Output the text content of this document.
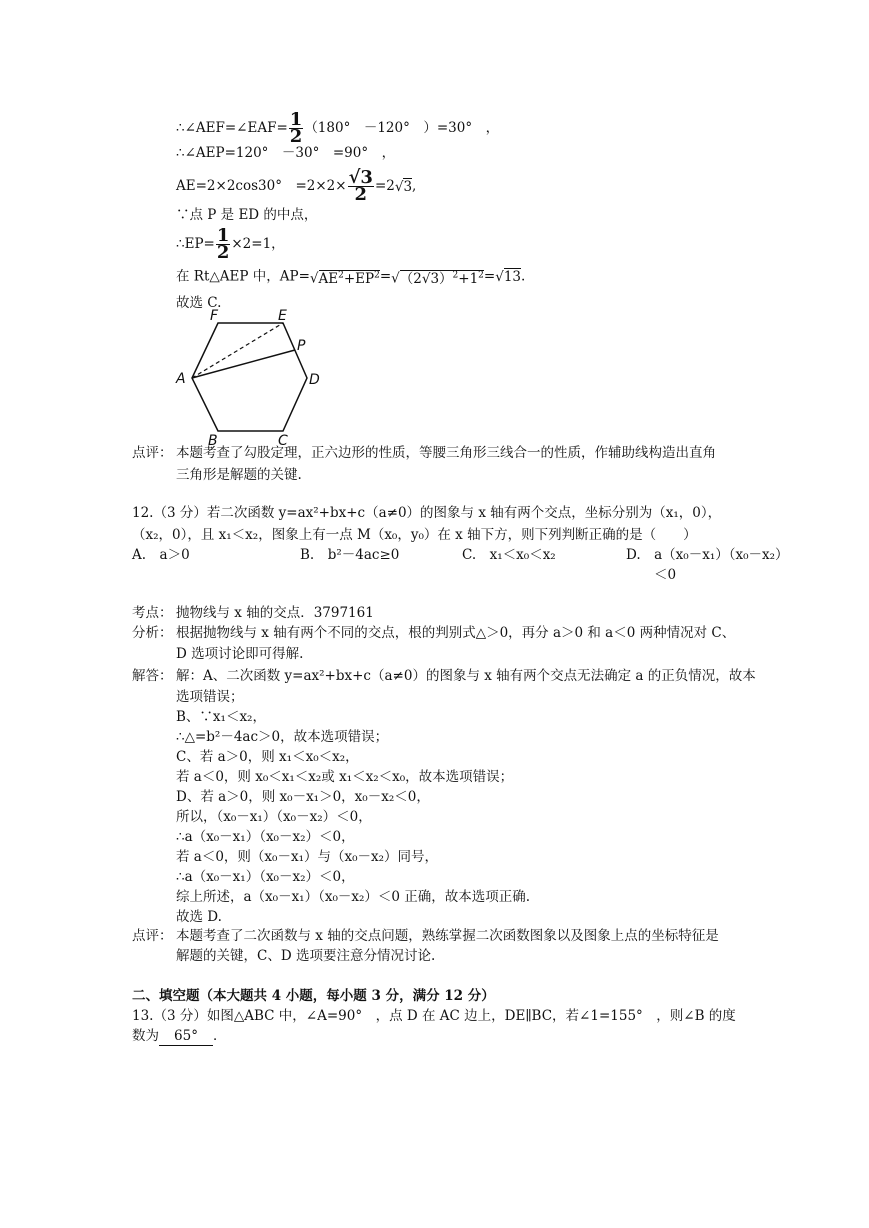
∴∠AEF=∠EAF= $\frac{1}{2} (180^\circ$　－120°　）=30°　，
∴∠AEP=120°　－30°　=90°　，
AE=2×2cos30°　$=2\times 2\times \frac{√3}{2} =2√3$,
∵点 P 是 ED 的中点，
∴EP= $\frac{1}{2} \times 2=1$，
在 Rt△AEP 中，$AP=√AE^2+EP^2=√(2√3)^2+1^2=√13$.
故选 C.
F	E
P
A	D
B	C
点评： 本题考查了勾股定理，正六边形的性质，等腰三角形三线合一的性质，作辅助线构造出直角
三角形是解题的关键.
12.（3 分）若二次函数 y=ax²+bx+c（a≠0）的图象与 x 轴有两个交点，坐标分别为（x₁，0），
（x₂，0），且 x₁＜x₂，图象上有一点 M（x₀，y₀）在 x 轴下方，则下列判断正确的是（　　）
A.　a＞0	B.　b²－4ac≥0	C.　x₁＜x₀＜x₂	D.　a（x₀－x₁）（x₀－x₂）
＜0
考点： 抛物线与 x 轴的交点．3797161
分析： 根据抛物线与 x 轴有两个不同的交点，根的判别式△＞0，再分 a＞0 和 a＜0 两种情况对 C、
D 选项讨论即可得解.
解答： 解：A、二次函数 y=ax²+bx+c（a≠0）的图象与 x 轴有两个交点无法确定 a 的正负情况，故本
选项错误；
B、∵x₁＜x₂，
∴△=b²－4ac＞0，故本选项错误；
C、若 a＞0，则 x₁＜x₀＜x₂，
若 a＜0，则 x₀＜x₁＜x₂或 x₁＜x₂＜x₀，故本选项错误；
D、若 a＞0，则 x₀－x₁＞0，x₀－x₂＜0，
所以，（x₀－x₁）（x₀－x₂）＜0，
∴a（x₀－x₁）（x₀－x₂）＜0，
若 a＜0，则（x₀－x₁）与（x₀－x₂）同号，
∴a（x₀－x₁）（x₀－x₂）＜0，
综上所述，a（x₀－x₁）（x₀－x₂）＜0 正确，故本选项正确.
故选 D.
点评： 本题考查了二次函数与 x 轴的交点问题，熟练掌握二次函数图象以及图象上点的坐标特征是
解题的关键，C、D 选项要注意分情况讨论.
二、填空题（本大题共 4 小题，每小题 3 分，满分 12 分）
13.（3 分）如图△ABC 中，∠A=90°　，点 D 在 AC 边上，DE∥BC，若∠1=155°　，则∠B 的度
数为 65° ．
